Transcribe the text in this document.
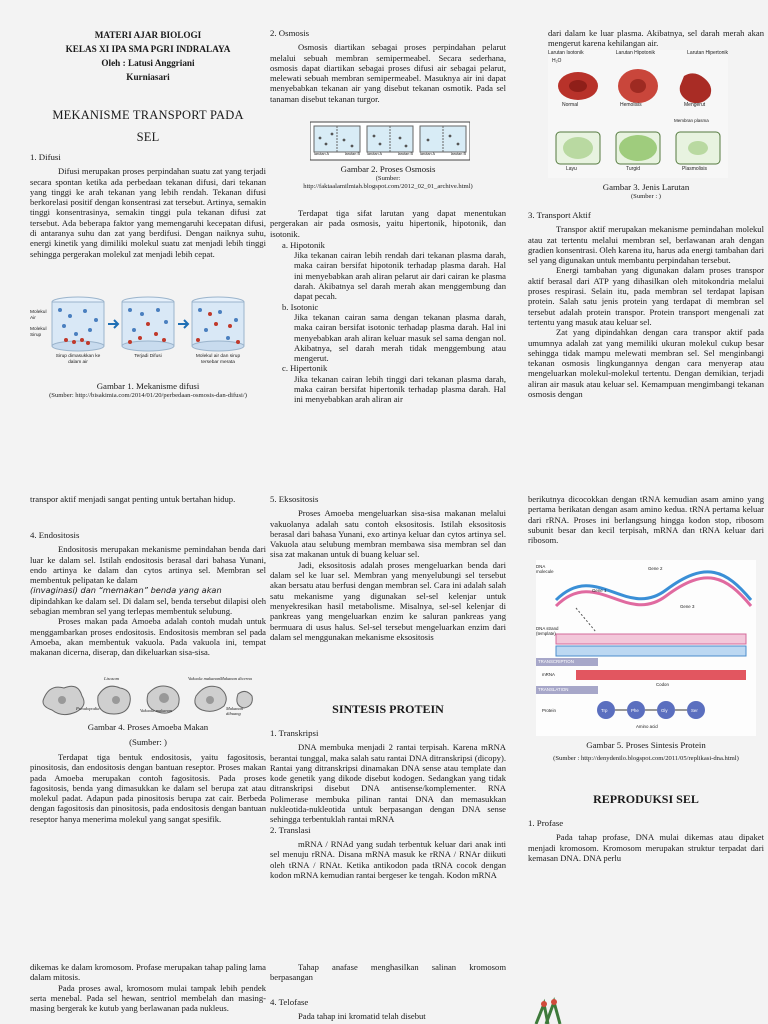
MATERI AJAR BIOLOGI
KELAS XI IPA SMA PGRI INDRALAYA
Oleh : Latusi Anggriani
Kurniasari
MEKANISME TRANSPORT PADA
SEL
1. Difusi

Difusi merupakan proses perpindahan suatu zat yang terjadi secara spontan ketika ada perbedaan tekanan difusi, dari tekanan yang tinggi ke arah tekanan yang lebih rendah. Tekanan difusi berkorelasi positif dengan konsentrasi zat tersebut. Artinya, semakin tinggi konsentrasinya, semakin tinggi pula tekanan difusi zat tersebut. Ada beberapa faktor yang memengaruhi kecepatan difusi, di antaranya suhu dan zat yang berdifusi. Dengan naiknya suhu, energi kinetik yang dimiliki molekul suatu zat menjadi lebih tinggi sehingga pergerakan molekul zat menjadi lebih cepat.

Molekul Air
Molekul Sirup
Sirup dimasukkan ke dalam air
Terjadi Difusi	Molekul air dan sirup tersebar merata
Gambar 1. Mekanisme difusi
(Sumber: http://bisakimia.com/2014/01/20/perbedaan-osmosis-dan-difusi/)
2. Osmosis

Osmosis diartikan sebagai proses perpindahan pelarut melalui sebuah membran semipermeabel. Secara sederhana, osmosis dapat diartikan sebagai proses difusi air sebagai pelarut, melewati sebuah membran semipermeabel. Masuknya air ini dapat menyebabkan tekanan air yang disebut tekanan osmotik. Pada sel tanaman disebut tekanan turgor.

larutan A	larutan B larutan A	larutan B larutan A	larutan B
Gambar 2. Proses Osmosis
(Sumber:
http://faktaalamilmiah.blogspot.com/2012_02_01_archive.html)

Terdapat tiga sifat larutan yang dapat menentukan pergerakan air pada osmosis, yaitu hipertonik, hipotonik, dan isotonik.

a. Hipotonik

Jika tekanan cairan lebih rendah dari tekanan plasma darah, maka cairan bersifat hipotonik terhadap plasma darah. Hal ini menyebabkan arah aliran pelarut air dari cairan ke plasma darah. Akibatnya sel darah merah akan menggembung dan dapat pecah.

b. Isotonic

Jika tekanan cairan sama dengan tekanan plasma darah, maka cairan bersifat isotonic terhadap plasma darah. Hal ini menyebabkan arah aliran keluar masuk sel sama dengan nol. Akibatnya, sel darah merah tidak menggembung atau mengerut.

c. Hipertonik

Jika tekanan cairan lebih tinggi dari tekanan plasma darah, maka cairan bersifat hipertonik terhadap plasma darah. Hal ini menyebabkan arah aliran air

dari dalam ke luar plasma. Akibatnya, sel darah merah akan mengerut karena kehilangan air.

Larutan Isotonik	Larutan Hipotonik	Larutan Hipertonik
Normal	Hemolisis	Mengerut
Layu	Turgid	Plasmolisis
Membran plasma
H₂O
Gambar 3. Jenis Larutan
(Sumber : )
3. Transport Aktif

Transpor aktif merupakan mekanisme pemindahan molekul atau zat tertentu melalui membran sel, berlawanan arah dengan gradien konsentrasi. Oleh karena itu, harus ada energi tambahan dari sel yang digunakan untuk membantu perpindahan tersebut.

Energi tambahan yang digunakan dalam proses transpor aktif berasal dari ATP yang dihasilkan oleh mitokondria melalui proses respirasi. Selain itu, pada membran sel terdapat lapisan protein. Salah satu jenis protein yang terdapat di membran sel tersebut adalah protein transpor. Protein transport mengenali zat tertentu yang masuk atau keluar sel.

Zat yang dipindahkan dengan cara transpor aktif pada umumnya adalah zat yang memiliki ukuran molekul cukup besar sehingga tidak mampu melewati membran sel. Sel menginbangi tekanan osmosis lingkungannya dengan cara menyerap atau mengeluarkan molekul-molekul tertentu. Dengan demikian, terjadi aliran air masuk atau keluar sel. Kemampuan mengimbangi tekanan osmosis dengan

transpor aktif menjadi sangat penting untuk bertahan hidup.

4. Endositosis

Endositosis merupakan mekanisme pemindahan benda dari luar ke dalam sel. Istilah endositosis berasal dari bahasa Yunani, endo artinya ke dalam dan cytos artinya sel. Membran sel membentuk pelipatan ke dalam

(invaginasi) dan “memakan” benda yang akan

dipindahkan ke dalam sel. Di dalam sel, benda tersebut dilapisi oleh sebagian membran sel yang terlepas membentuk selubung.

Proses makan pada Amoeba adalah contoh mudah untuk menggambarkan proses endositosis. Endositosis membran sel pada Amoeba, akan membentuk vakuola. Pada vakuola ini, tempat makanan dicerna, diserap, dan dikeluarkan sisa-sisa.

Lisosom	Vakuola makanan
Pseudopodia	Vakuola makanan
Makanan dicerna
Makanan dibuang
Gambar 4. Proses Amoeba Makan
(Sumber: )

Terdapat tiga bentuk endositosis, yaitu fagositosis, pinositosis, dan endositosis dengan bantuan reseptor. Proses makan pada Amoeba merupakan contoh fagositosis. Pada proses fagositosis, benda yang dimasukkan ke dalam sel berupa zat atau molekul padat. Adapun pada pinositosis berupa zat cair. Berbeda dengan fagositosis dan pinositosis, pada endositosis dengan bantuan reseptor hanya menerima molekul yang sangat spesifik.

5. Eksositosis

Proses Amoeba mengeluarkan sisa-sisa makanan melalui vakuolanya adalah satu contoh eksositosis. Istilah eksositosis berasal dari bahasa Yunani, exo artinya keluar dan cytos artinya sel. Vakuola atau selubung membran membawa sisa membran sel dan sisa zat makanan untuk di buang keluar sel.

Jadi, eksositosis adalah proses mengeluarkan benda dari dalam sel ke luar sel. Membran yang menyelubungi sel tersebut akan bersatu atau berfusi dengan membran sel. Cara ini adalah salah satu mekanisme yang digunakan sel-sel kelenjar untuk menyekresikan hasil metabolisme. Misalnya, sel-sel kelenjar di pankreas yang mengeluarkan enzim ke saluran pankreas yang bermuara di usus halus. Sel-sel tersebut mengeluarkan enzim dari dalam sel menggunakan mekanisme eksositosis

SINTESIS PROTEIN
1. Transkripsi

DNA membuka menjadi 2 rantai terpisah. Karena mRNA berantai tunggal, maka salah satu rantai DNA ditranskripsi (dicopy). Rantai yang ditranskripsi dinamakan DNA sense atau template dan kode genetik yang dikode disebut kodogen. Sedangkan yang tidak ditranskripsi disebut DNA antisense/komplementer. RNA Polimerase membuka pilinan rantai DNA dan memasukkan nukleotida-nukleotida untuk berpasangan dengan DNA sense sehingga terbentuklah rantai mRNA

2. Translasi

mRNA / RNAd yang sudah terbentuk keluar dari anak inti sel menuju rRNA. Disana mRNA masuk ke rRNA / RNAr diikuti oleh tRNA / RNAt. Ketika antikodon pada tRNA cocok dengan kodon mRNA kemudian rantai bergeser ke tengah. Kodon mRNA

berikutnya dicocokkan dengan tRNA kemudian asam amino yang pertama berikatan dengan asam amino kedua. tRNA pertama keluar dari rRNA. Proses ini berlangsung hingga kodon stop, ribosom subunit besar dan kecil terpisah, mRNA dan tRNA keluar dari ribosom.

DNA molecule
Gene 1
Gene 2
Gene 3
DNA strand (template)
TRANSCRIPTION
mRNA
Codon
TRANSLATION
Protein	Trp	Phe	Gly	Ser
Amino acid
Gambar 5. Proses Sintesis Protein
(Sumber : http://denydenilo.blogspot.com/2011/05/replikasi-dna.html)
REPRODUKSI SEL
1. Profase

Pada tahap profase, DNA mulai dikemas atau dipaket menjadi kromosom. Kromosom merupakan struktur terpadat dari kemasan DNA. DNA perlu

dikemas ke dalam kromosom. Profase merupakan tahap paling lama dalam mitosis.

Pada proses awal, kromosom mulai tampak lebih pendek serta menebal. Pada sel hewan, sentriol membelah dan masing-masing bergerak ke kutub yang berlawanan pada nukleus.

Tahap anafase menghasilkan salinan kromosom berpasangan

4. Telofase

Pada tahap ini kromatid telah disebut
